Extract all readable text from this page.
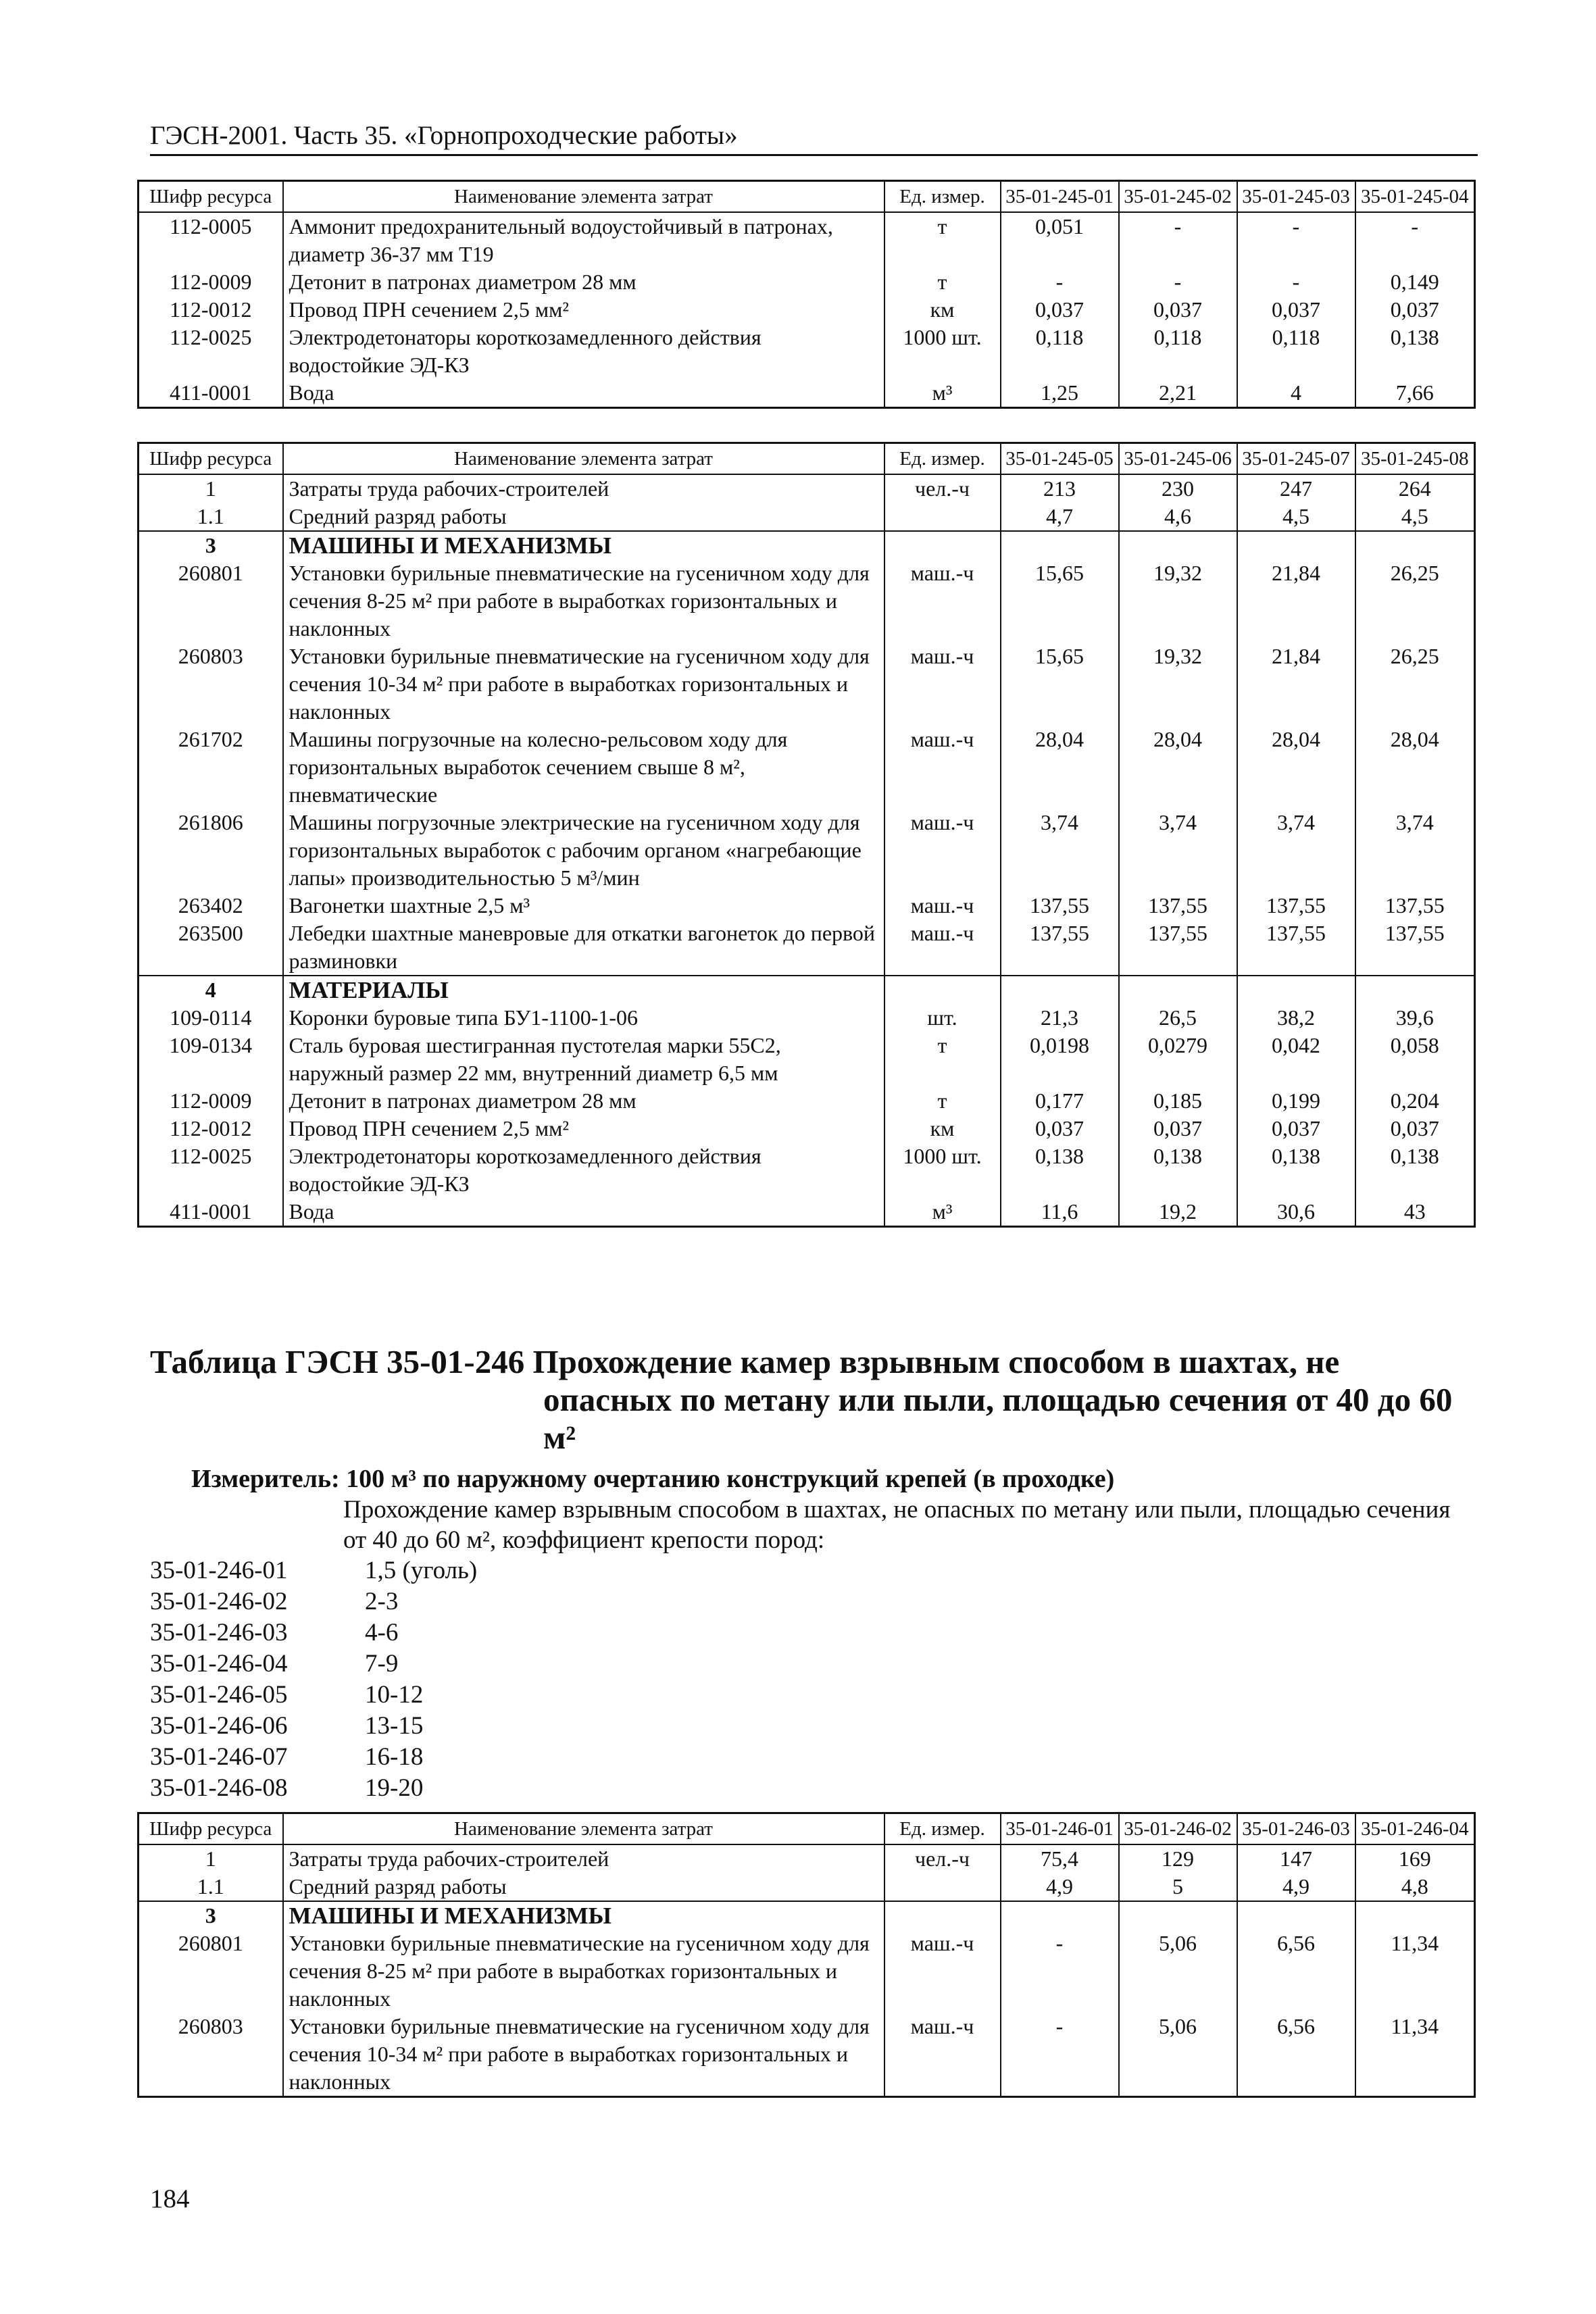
ГЭСН-2001. Часть 35. «Горнопроходческие работы»
Шифр ресурса	Наименование элемента затрат	Ед. измер.	35-01-245-01	35-01-245-02	35-01-245-03	35-01-245-04
112-0005	Аммонит предохранительный водоустойчивый в патронах, диаметр 36-37 мм Т19	т	0,051	-	-	-
112-0009	Детонит в патронах диаметром 28 мм	т	-	-	-	0,149
112-0012	Провод ПРН сечением 2,5 мм²	км	0,037	0,037	0,037	0,037
112-0025	Электродетонаторы короткозамедленного действия водостойкие ЭД-КЗ	1000 шт.	0,118	0,118	0,118	0,138
411-0001	Вода	м³	1,25	2,21	4	7,66
Шифр ресурса	Наименование элемента затрат	Ед. измер.	35-01-245-05	35-01-245-06	35-01-245-07	35-01-245-08
1	Затраты труда рабочих-строителей	чел.-ч	213	230	247	264
1.1	Средний разряд работы		4,7	4,6	4,5	4,5
3	МАШИНЫ И МЕХАНИЗМЫ					
260801	Установки бурильные пневматические на гусеничном ходу для сечения 8-25 м² при работе в выработках горизонтальных и наклонных	маш.-ч	15,65	19,32	21,84	26,25
260803	Установки бурильные пневматические на гусеничном ходу для сечения 10-34 м² при работе в выработках горизонтальных и наклонных	маш.-ч	15,65	19,32	21,84	26,25
261702	Машины погрузочные на колесно-рельсовом ходу для горизонтальных выработок сечением свыше 8 м², пневматические	маш.-ч	28,04	28,04	28,04	28,04
261806	Машины погрузочные электрические на гусеничном ходу для горизонтальных выработок с рабочим органом «нагребающие лапы» производительностью 5 м³/мин	маш.-ч	3,74	3,74	3,74	3,74
263402	Вагонетки шахтные 2,5 м³	маш.-ч	137,55	137,55	137,55	137,55
263500	Лебедки шахтные маневровые для откатки вагонеток до первой разминовки	маш.-ч	137,55	137,55	137,55	137,55
4	МАТЕРИАЛЫ					
109-0114	Коронки буровые типа БУ1-1100-1-06	шт.	21,3	26,5	38,2	39,6
109-0134	Сталь буровая шестигранная пустотелая марки 55С2, наружный размер 22 мм, внутренний диаметр 6,5 мм	т	0,0198	0,0279	0,042	0,058
112-0009	Детонит в патронах диаметром 28 мм	т	0,177	0,185	0,199	0,204
112-0012	Провод ПРН сечением 2,5 мм²	км	0,037	0,037	0,037	0,037
112-0025	Электродетонаторы короткозамедленного действия водостойкие ЭД-КЗ	1000 шт.	0,138	0,138	0,138	0,138
411-0001	Вода	м³	11,6	19,2	30,6	43
Таблица ГЭСН 35-01-246 Прохождение камер взрывным способом в шахтах, не
опасных по метану или пыли, площадью сечения от 40 до 60
м²
Измеритель: 100 м³ по наружному очертанию конструкций крепей (в проходке)
Прохождение камер взрывным способом в шахтах, не опасных по метану или пыли, площадью сечения от 40 до 60 м², коэффициент крепости пород:
35-01-246-01	1,5 (уголь)
35-01-246-02	2-3
35-01-246-03	4-6
35-01-246-04	7-9
35-01-246-05	10-12
35-01-246-06	13-15
35-01-246-07	16-18
35-01-246-08	19-20
Шифр ресурса	Наименование элемента затрат	Ед. измер.	35-01-246-01	35-01-246-02	35-01-246-03	35-01-246-04
1	Затраты труда рабочих-строителей	чел.-ч	75,4	129	147	169
1.1	Средний разряд работы		4,9	5	4,9	4,8
3	МАШИНЫ И МЕХАНИЗМЫ					
260801	Установки бурильные пневматические на гусеничном ходу для сечения 8-25 м² при работе в выработках горизонтальных и наклонных	маш.-ч	-	5,06	6,56	11,34
260803	Установки бурильные пневматические на гусеничном ходу для сечения 10-34 м² при работе в выработках горизонтальных и наклонных	маш.-ч	-	5,06	6,56	11,34
184
